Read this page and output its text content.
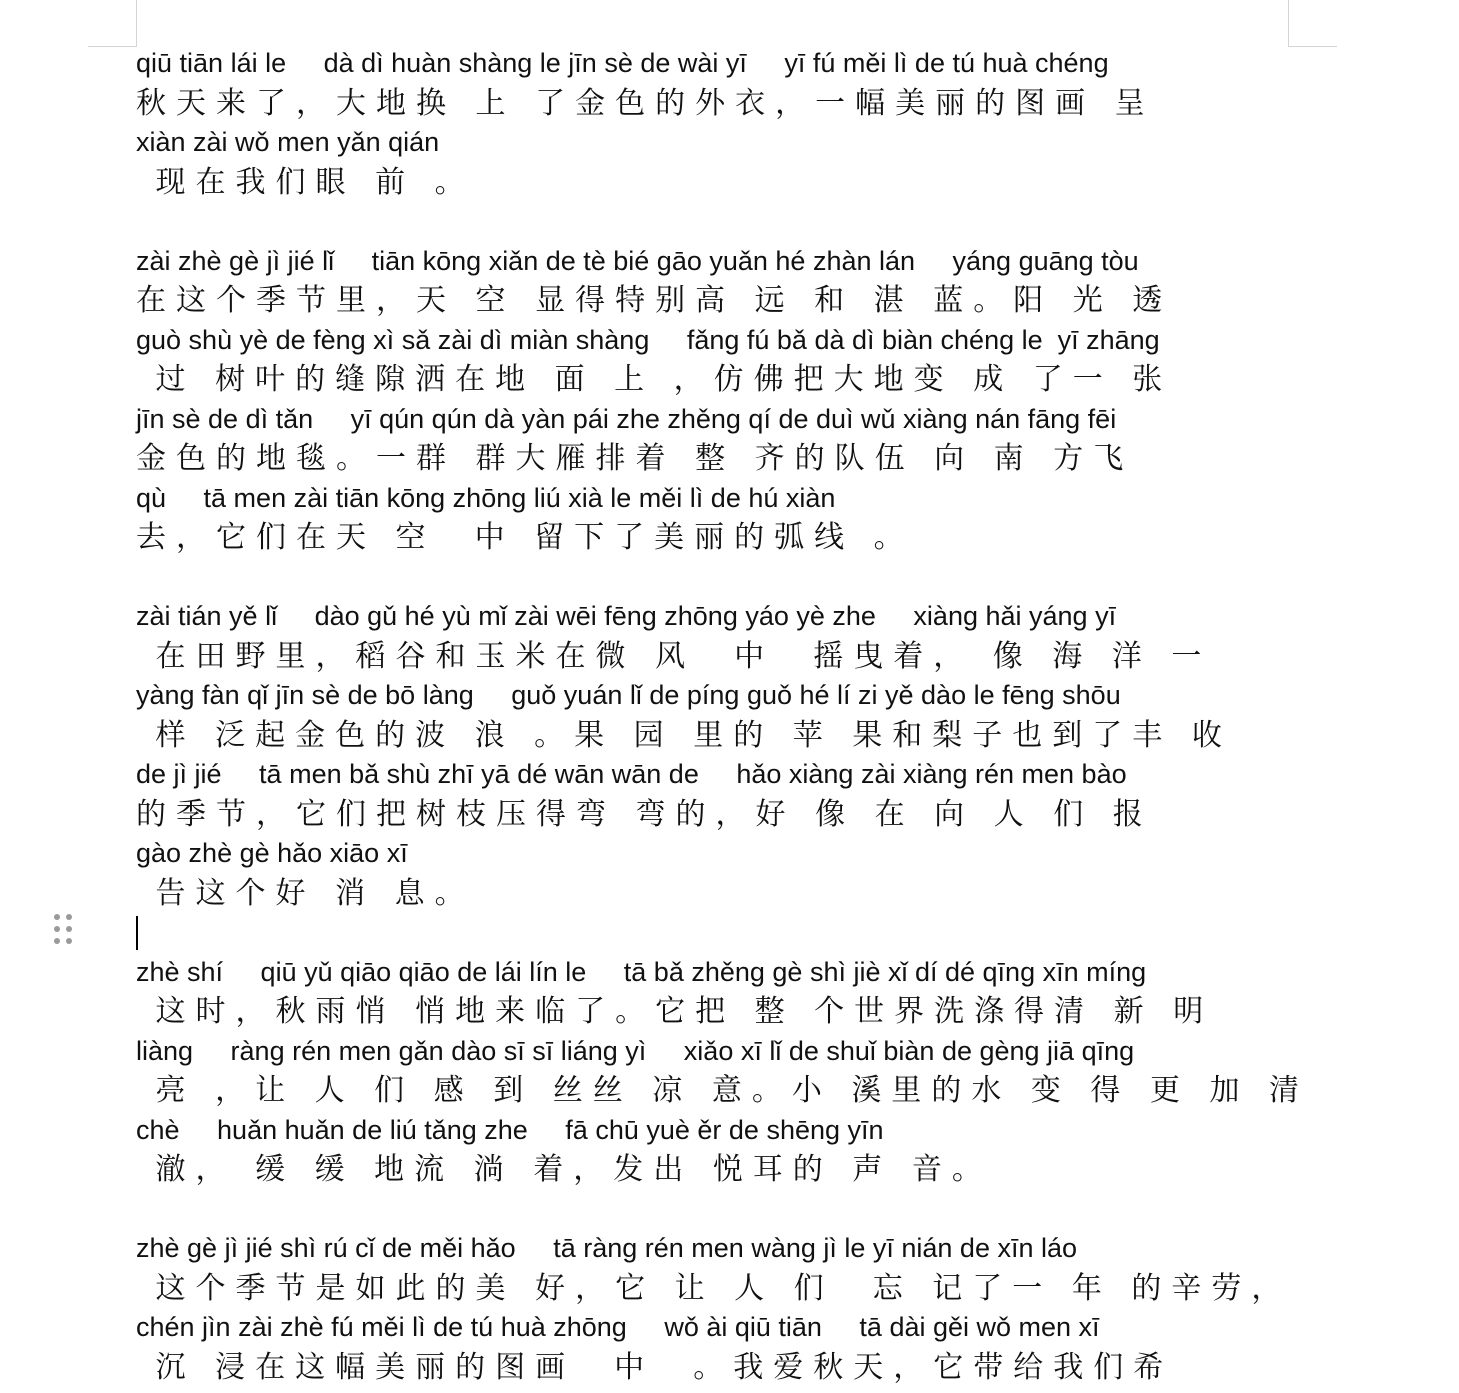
qiū tiān lái le     dà dì huàn shàng le jīn sè de wài yī     yī fú měi lì de tú huà chéng
秋天来了，大地换 上 了金色的外衣，一幅美丽的图画 呈
xiàn zài wǒ men yǎn qián
现在我们眼 前 。
zài zhè gè jì jié lǐ     tiān kōng xiǎn de tè bié gāo yuǎn hé zhàn lán     yáng guāng tòu
在这个季节里，天 空 显得特别高 远 和 湛 蓝。阳 光 透
guò shù yè de fèng xì sǎ zài dì miàn shàng     fǎng fú bǎ dà dì biàn chéng le  yī zhāng
过 树叶的缝隙洒在地 面 上 ，仿佛把大地变 成 了一 张
jīn sè de dì tǎn     yī qún qún dà yàn pái zhe zhěng qí de duì wǔ xiàng nán fāng fēi
金色的地毯。一群 群大雁排着 整 齐的队伍 向 南 方飞
qù     tā men zài tiān kōng zhōng liú xià le měi lì de hú xiàn
去，它们在天 空  中 留下了美丽的弧线 。
zài tián yě lǐ     dào gǔ hé yù mǐ zài wēi fēng zhōng yáo yè zhe     xiàng hǎi yáng yī
在田野里，稻谷和玉米在微 风  中  摇曳着， 像 海 洋 一
yàng fàn qǐ jīn sè de bō làng     guǒ yuán lǐ de píng guǒ hé lí zi yě dào le fēng shōu
样 泛起金色的波 浪 。果 园 里的 苹 果和梨子也到了丰 收
de jì jié     tā men bǎ shù zhī yā dé wān wān de     hǎo xiàng zài xiàng rén men bào
的季节，它们把树枝压得弯 弯的，好 像 在 向 人 们 报
gào zhè gè hǎo xiāo xī
告这个好 消 息。
zhè shí     qiū yǔ qiāo qiāo de lái lín le     tā bǎ zhěng gè shì jiè xǐ dí dé qīng xīn míng
这时，秋雨悄 悄地来临了。它把 整 个世界洗涤得清 新 明
liàng     ràng rén men gǎn dào sī sī liáng yì     xiǎo xī lǐ de shuǐ biàn de gèng jiā qīng
亮 ，让 人 们 感 到 丝丝 凉 意。小 溪里的水 变 得 更 加 清
chè     huǎn huǎn de liú tǎng zhe     fā chū yuè ěr de shēng yīn
澈， 缓 缓 地流 淌 着，发出 悦耳的 声 音。
zhè gè jì jié shì rú cǐ de měi hǎo     tā ràng rén men wàng jì le yī nián de xīn láo
这个季节是如此的美 好，它 让 人 们  忘 记了一 年 的辛劳，
chén jìn zài zhè fú měi lì de tú huà zhōng     wǒ ài qiū tiān     tā dài gěi wǒ men xī
沉 浸在这幅美丽的图画  中  。我爱秋天，它带给我们希
